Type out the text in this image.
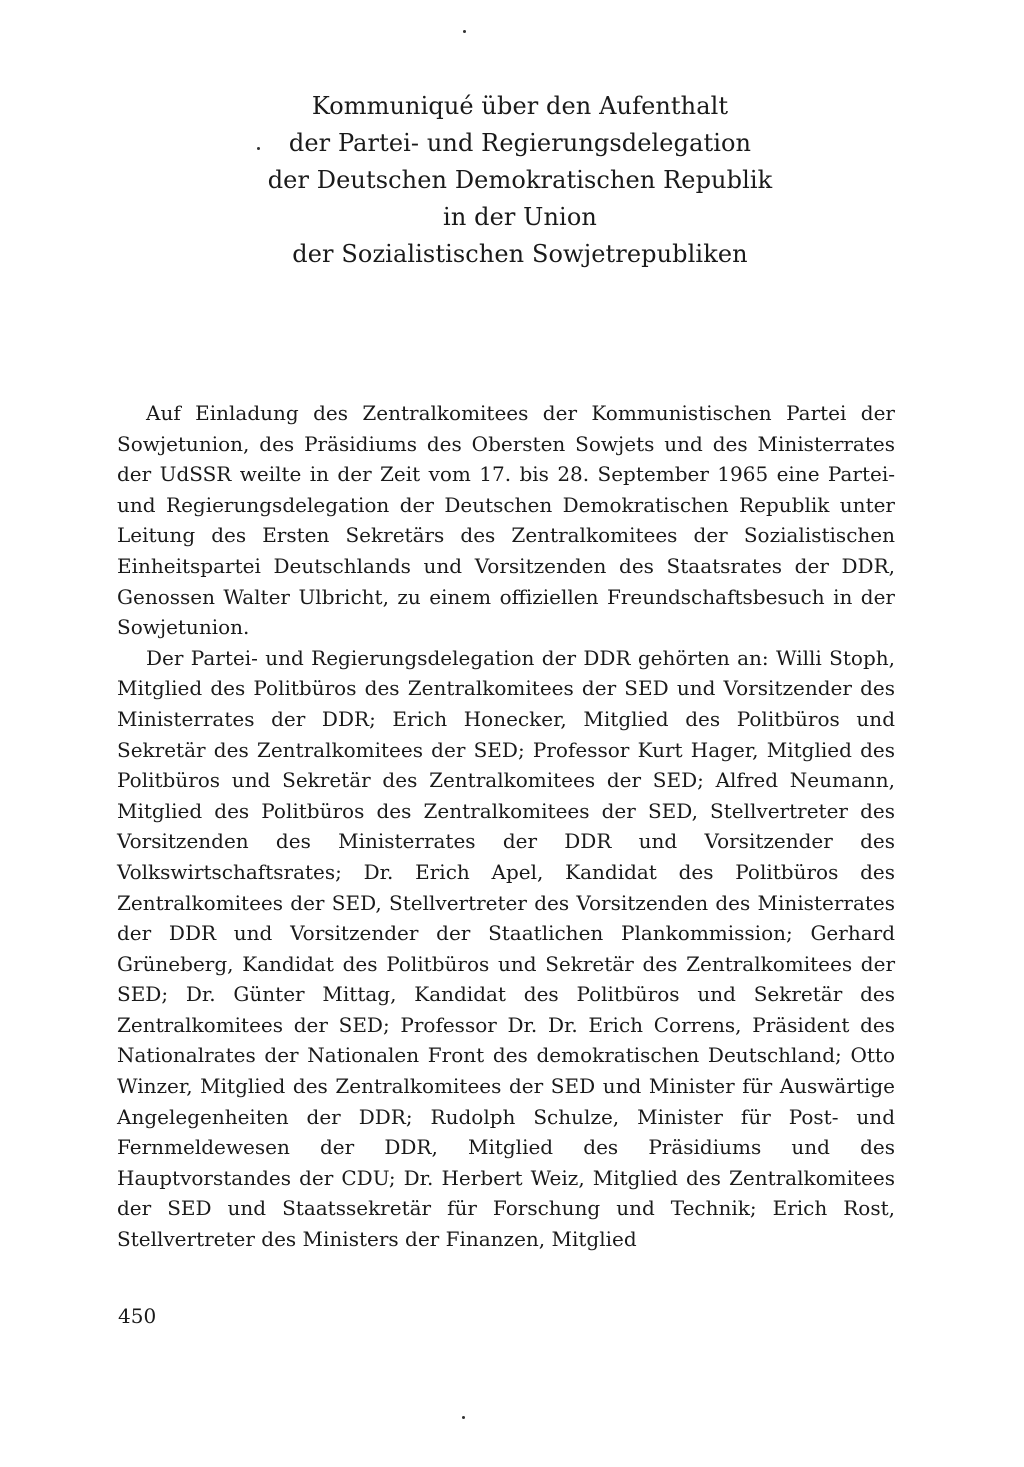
Kommuniqué über den Aufenthalt
der Partei- und Regierungsdelegation
der Deutschen Demokratischen Republik
in der Union
der Sozialistischen Sowjetrepubliken

Auf Einladung des Zentralkomitees der Kommunistischen Partei der Sowjetunion, des Präsidiums des Obersten Sowjets und des Ministerrates der UdSSR weilte in der Zeit vom 17. bis 28. September 1965 eine Partei- und Regierungsdelegation der Deutschen Demokratischen Republik unter Leitung des Ersten Sekretärs des Zentralkomitees der Sozialistischen Einheitspartei Deutschlands und Vorsitzenden des Staatsrates der DDR, Genossen Walter Ulbricht, zu einem offiziellen Freundschaftsbesuch in der Sowjetunion.

Der Partei- und Regierungsdelegation der DDR gehörten an: Willi Stoph, Mitglied des Politbüros des Zentralkomitees der SED und Vorsitzender des Ministerrates der DDR; Erich Honecker, Mitglied des Politbüros und Sekretär des Zentralkomitees der SED; Professor Kurt Hager, Mitglied des Politbüros und Sekretär des Zentralkomitees der SED; Alfred Neumann, Mitglied des Politbüros des Zentralkomitees der SED, Stellvertreter des Vorsitzenden des Ministerrates der DDR und Vorsitzender des Volkswirtschaftsrates; Dr. Erich Apel, Kandidat des Politbüros des Zentralkomitees der SED, Stellvertreter des Vorsitzenden des Ministerrates der DDR und Vorsitzender der Staatlichen Plankommission; Gerhard Grüneberg, Kandidat des Politbüros und Sekretär des Zentralkomitees der SED; Dr. Günter Mittag, Kandidat des Politbüros und Sekretär des Zentralkomitees der SED; Professor Dr. Dr. Erich Correns, Präsident des Nationalrates der Nationalen Front des demokratischen Deutschland; Otto Winzer, Mitglied des Zentralkomitees der SED und Minister für Auswärtige Angelegenheiten der DDR; Rudolph Schulze, Minister für Post- und Fernmeldewesen der DDR, Mitglied des Präsidiums und des Hauptvorstandes der CDU; Dr. Herbert Weiz, Mitglied des Zentralkomitees der SED und Staatssekretär für Forschung und Technik; Erich Rost, Stellvertreter des Ministers der Finanzen, Mitglied

450
